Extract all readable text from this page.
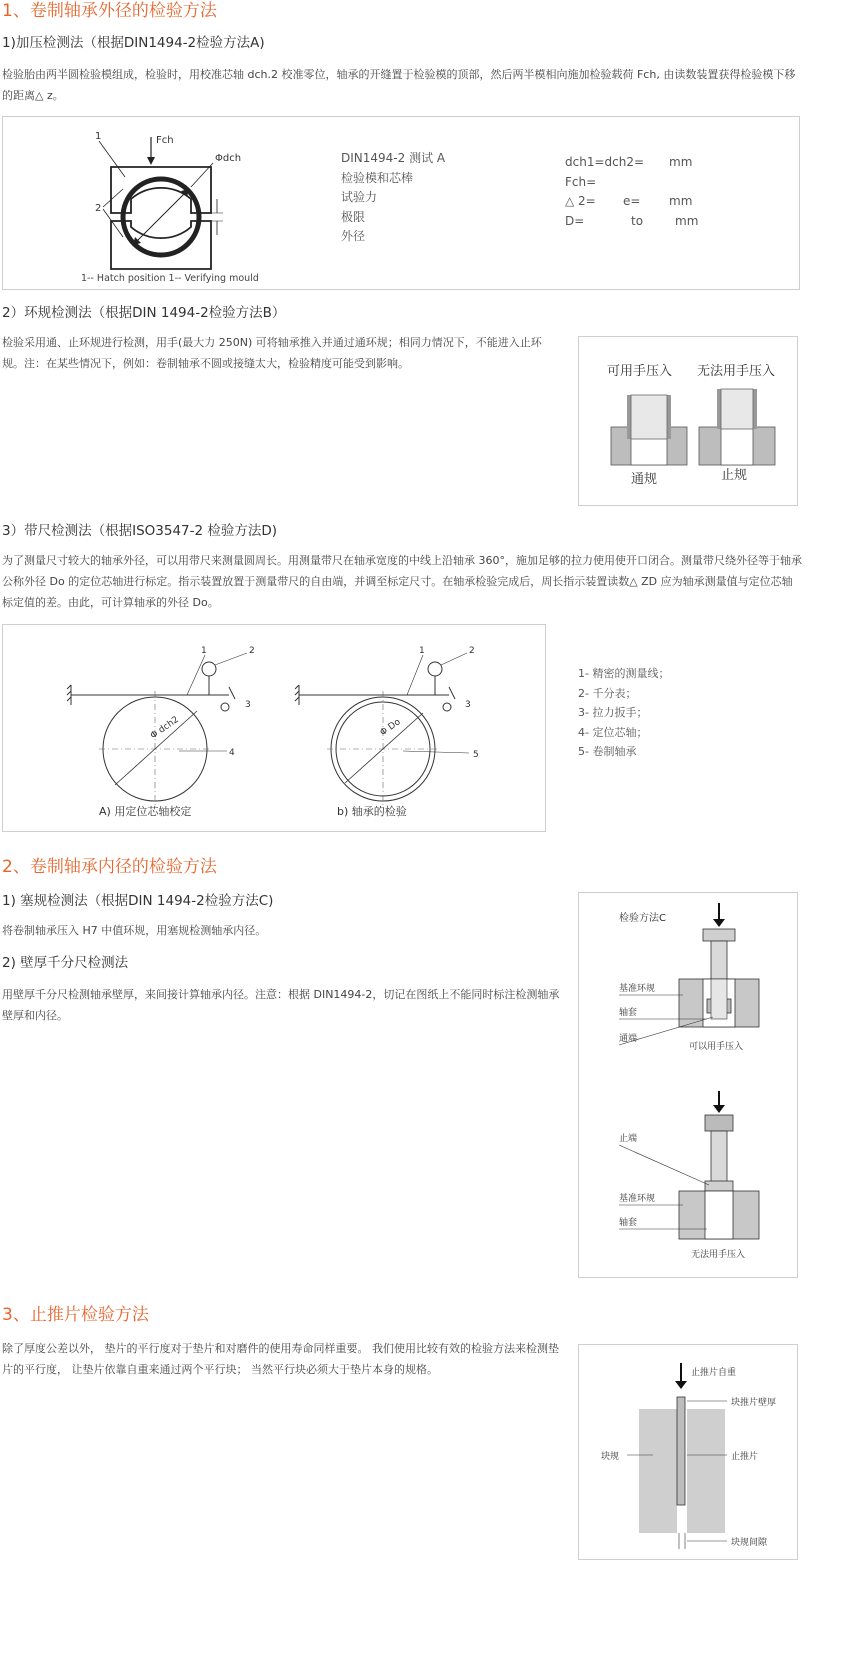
1、卷制轴承外径的检验方法
1)加压检测法（根据DIN1494-2检验方法A)
检验胎由两半圆检验模组成，检验时，用校准芯轴 dch.2 校准零位，轴承的开缝置于检验模的顶部，然后两半模相向施加检验载荷 Fch, 由读数装置获得检验模下移的距离△ z。
Fch
Φdch
1
2
1-- Hatch position 1-- Verifying mould
DIN1494-2 测试 A
检验模和芯棒
试验力
极限
外径
dch1=dch2= mm
Fch=
△ 2= e= mm
D=	to	mm
2）环规检测法（根据DIN 1494-2检验方法B）
检验采用通、止环规进行检测，用手(最大力 250N) 可将轴承推入并通过通环规；相同力情况下，不能进入止环规。注：在某些情况下，例如：卷制轴承不圆或接缝太大，检验精度可能受到影响。
可用手压入 无法用手压入
通规	止规
3）带尺检测法（根据ISO3547-2 检验方法D)
为了测量尺寸较大的轴承外径，可以用带尺来测量圆周长。用测量带尺在轴承宽度的中线上沿轴承 360°，施加足够的拉力使用使开口闭合。测量带尺绕外径等于轴承公称外径 Do 的定位芯轴进行标定。指示装置放置于测量带尺的自由端，并调至标定尺寸。在轴承检验完成后，周长指示装置读数△ ZD 应为轴承测量值与定位芯轴标定值的差。由此，可计算轴承的外径 Do。
Φ dch2
1	2
3
4
A) 用定位芯轴校定
Φ Do
1	2
3
5
b) 轴承的检验
1- 精密的测量线；
2- 千分表；
3- 拉力扳手；
4- 定位芯轴；
5- 卷制轴承
2、卷制轴承内径的检验方法
1) 塞规检测法（根据DIN 1494-2检验方法C)
将卷制轴承压入 H7 中值环规，用塞规检测轴承内径。
2) 壁厚千分尺检测法
用壁厚千分尺检测轴承壁厚，来间接计算轴承内径。注意：根据 DIN1494-2，切记在图纸上不能同时标注检测轴承壁厚和内径。
检验方法C
基准环规
轴套
通端
可以用手压入
止端
基准环规
轴套
无法用手压入
3、止推片检验方法
除了厚度公差以外， 垫片的平行度对于垫片和对磨件的使用寿命同样重要。 我们使用比较有效的检验方法来检测垫片的平行度， 让垫片依靠自重来通过两个平行块； 当然平行块必须大于垫片本身的规格。	止推片自重
块推片壁厚
块规	止推片
块规间隙
